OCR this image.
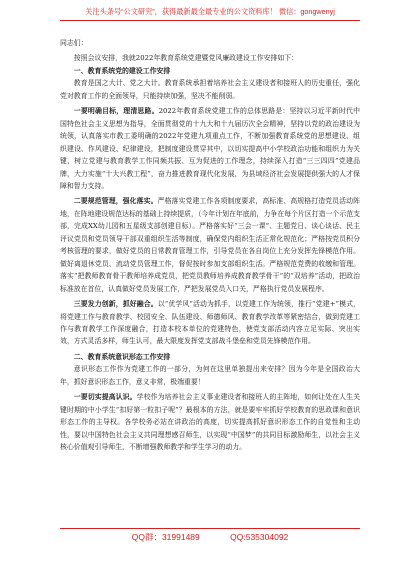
关注头条号“公文研究”，获得最新最全最专业的公文资料库！ 微信：gongwenyj
同志们：

按照会议安排，我就2022年教育系统党建暨党风廉政建设工作安排如下：

一、教育系统党的建设工作安排

教育是国之大计、党之大计。教育系统承担着培养社会主义建设者和接班人的历史重任，强化党对教育工作的全面领导，只能持续加强，坚决不能削弱。

一要明确目标，理清思路。2022年教育系统党建工作的总体思路是：坚持以习近平新时代中国特色社会主义思想为指导，全面贯彻党的十九大和十九届历次全会精神，坚持以党的政治建设为统领，认真落实市教工委明确的2022年党建九项重点工作，不断加强教育系统党的思想建设、组织建设、作风建设、纪律建设，把制度建设贯穿其中，以切实提高中小学校政治功能和组织力为关键，树立党建与教育教学工作同频共振、互为促进的工作理念，持续深入打造“三三四四”党建品牌，大力实施“十大兴教工程”，奋力推进教育现代化发展，为县域经济社会发展提供强大的人才保障和智力支持。

二要规范管理，强化落实。严格落实党建工作各项制度要求，高标准、高规格打造党员活动阵地，在阵地建设规范达标的基础上持续提质，（今年计划在年底前，力争在每个片区打造一个示范支部，完成XX幼儿园和五星级支部创建目标）。严格落实好“三会一课”、主题党日、谈心谈话、民主评议党员和党员领导干部双重组织生活等制度，确保党内组织生活正常化规范化；严格按党员积分考核管理的要求，做好党员的日常教育管理工作，引导党员在各自岗位上充分发挥先锋模范作用。做好离退休党员、流动党员管理工作，督促按时参加支部组织生活。严格规范党费的收缴和管理。落实“把教师教育骨干教师培养成党员，把党员教师培养成教育教学骨干”的“双培养”活动，把政治标准放在首位，认真做好党员发展工作，严把发展党员入口关，严格执行党员发展程序。

三要发力创新，抓好融合。以“优学风”活动为抓手，以党建工作为统领，推行“党建+”模式，将党建工作与教育教学、校园安全、队伍建设、师德师风、教育教学改革等紧密结合，做到党建工作与教育教学工作深度融合，打造本校本单位的党建特色，使党支部活动内容立足实际、突出实效，方式灵活多样，师生认可，最大限度发挥党支部战斗堡垒和党员先锋模范作用。

二、教育系统意识形态工作安排

意识形态工作作为党建工作的一部分，为何在这里单独提出来安排？因为今年是全国政治大年，抓好意识形态工作，意义非常，极端重要！

一要切实提高认识。学校作为培养社会主义事业建设者和接班人的主阵地，如何让处在人生关键时期的中小学生“扣好第一粒扣子呢”？最根本的方法，就是要牢牢抓好学校教育的思政课和意识形态工作的主导权。各学校务必站在讲政治的高度，切实提高抓好意识形态工作的自觉性和主动性，要以中国特色社会主义共同理想感召师生，以实现“中国梦”的共同目标激励师生，以社会主义核心价值观引导师生，不断增强教师教学和学生学习的动力。

QQ群：31991489	QQ:535304092
